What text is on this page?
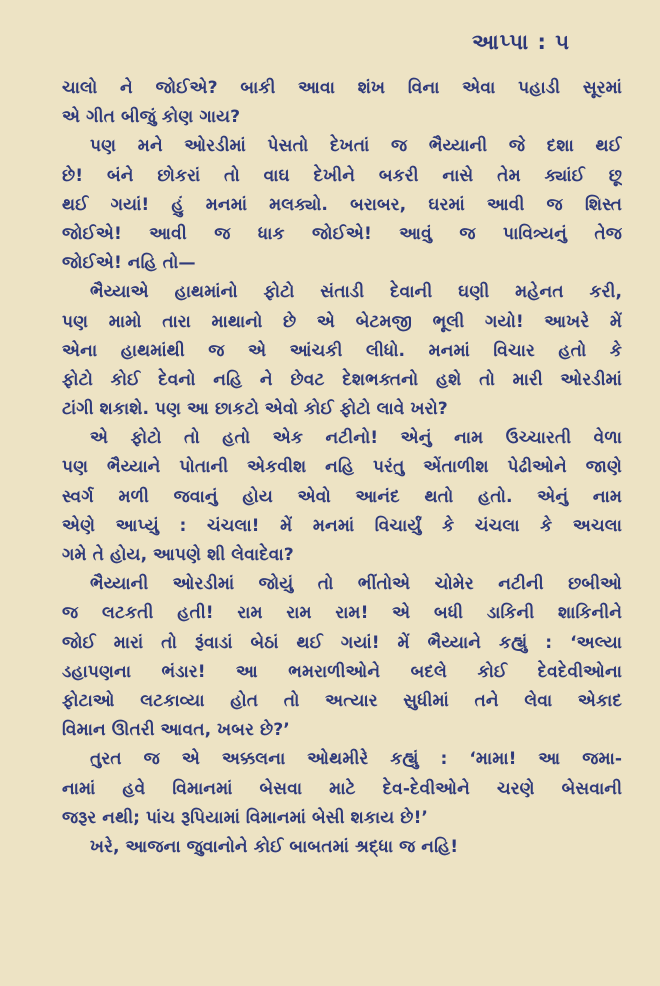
આપ્પા : ૫
ચાલો ને જોઈએ? બાકી આવા શંખ વિના એવા પહાડી સૂરમાં
એ ગીત બીજું કોણ ગાય?
પણ મને ઓરડીમાં પેસતો દેખતાં જ ભૈય્યાની જે દશા થઈ
છે! બંને છોકરાં તો વાઘ દેખીને બકરી નાસે તેમ ક્યાંઈ છૂ
થઈ ગયાં! હું મનમાં મલક્યો. બરાબર, ઘરમાં આવી જ શિસ્ત
જોઈએ! આવી જ ધાક જોઈએ! આવું જ પાવિત્ર્યનું તેજ
જોઈએ! નહિ તો—
ભૈય્યાએ હાથમાંનો ફોટો સંતાડી દેવાની ઘણી મહેનત કરી,
પણ મામો તારા માથાનો છે એ બેટમજી ભૂલી ગયો! આખરે મેં
એના હાથમાંથી જ એ આંચકી લીધો. મનમાં વિચાર હતો કે
ફોટો કોઈ દેવનો નહિ ને છેવટ દેશભક્તનો હશે તો મારી ઓરડીમાં
ટાંગી શકાશે. પણ આ છાકટો એવો કોઈ ફોટો લાવે ખરો?
એ ફોટો તો હતો એક નટીનો! એનું નામ ઉચ્ચારતી વેળા
પણ ભૈય્યાને પોતાની એકવીશ નહિ પરંતુ એંતાળીશ પેઢીઓને જાણે
સ્વર્ગ મળી જવાનું હોય એવો આનંદ થતો હતો. એનું નામ
એણે આપ્યું : ચંચલા! મેં મનમાં વિચાર્યું કે ચંચલા કે અચલા
ગમે તે હોય, આપણે શી લેવાદેવા?
ભૈય્યાની ઓરડીમાં જોયું તો ભીંતોએ ચોમેર નટીની છબીઓ
જ લટકતી હતી! રામ રામ રામ! એ બધી ડાકિની શાકિનીને
જોઈ મારાં તો રૂંવાડાં બેઠાં થઈ ગયાં! મેં ભૈય્યાને કહ્યું : ‘અલ્યા
ડહાપણના ભંડાર! આ ભમરાળીઓને બદલે કોઈ દેવદેવીઓના
ફોટાઓ લટકાવ્યા હોત તો અત્યાર સુધીમાં તને લેવા એકાદ
વિમાન ઊતરી આવત, ખબર છે?’
તુરત જ એ અક્કલના ઓથમીરે કહ્યું : ‘મામા! આ જમા-
નામાં હવે વિમાનમાં બેસવા માટે દેવ-દેવીઓને ચરણે બેસવાની
જરૂર નથી; પાંચ રૂપિયામાં વિમાનમાં બેસી શકાય છે!’
ખરે, આજના જુવાનોને કોઈ બાબતમાં શ્રદ્ધા જ નહિ!
